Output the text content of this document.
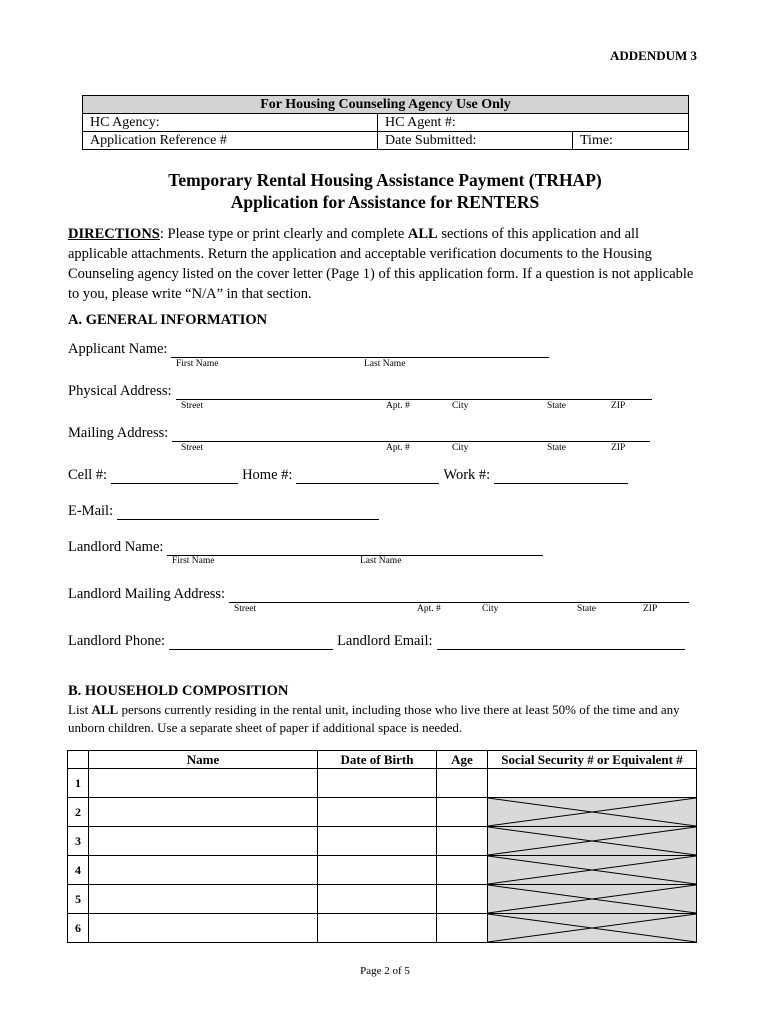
ADDENDUM 3
For Housing Counseling Agency Use Only		
HC Agency:	HC Agent #:	
Application Reference #	Date Submitted:	Time:
Temporary Rental Housing Assistance Payment (TRHAP)
Application for Assistance for RENTERS
DIRECTIONS: Please type or print clearly and complete ALL sections of this application and all applicable attachments. Return the application and acceptable verification documents to the Housing Counseling agency listed on the cover letter (Page 1) of this application form. If a question is not applicable to you, please write “N/A” in that section.
A. GENERAL INFORMATION
Applicant Name:
First Name	Last Name
Physical Address:
Street	Apt. #	City	State	ZIP
Mailing Address:
Street	Apt. #	City	State	ZIP
Cell #:	Home #:	Work #:
E-Mail:
Landlord Name:
First Name	Last Name
Landlord Mailing Address:
Street	Apt. #	City	State	ZIP
Landlord Phone:	Landlord Email:
B. HOUSEHOLD COMPOSITION
List ALL persons currently residing in the rental unit, including those who live there at least 50% of the time and any unborn children. Use a separate sheet of paper if additional space is needed.
	Name	Date of Birth	Age	Social Security # or Equivalent #
1				
2				

3				

4				

5				

6				
Page 2 of 5
